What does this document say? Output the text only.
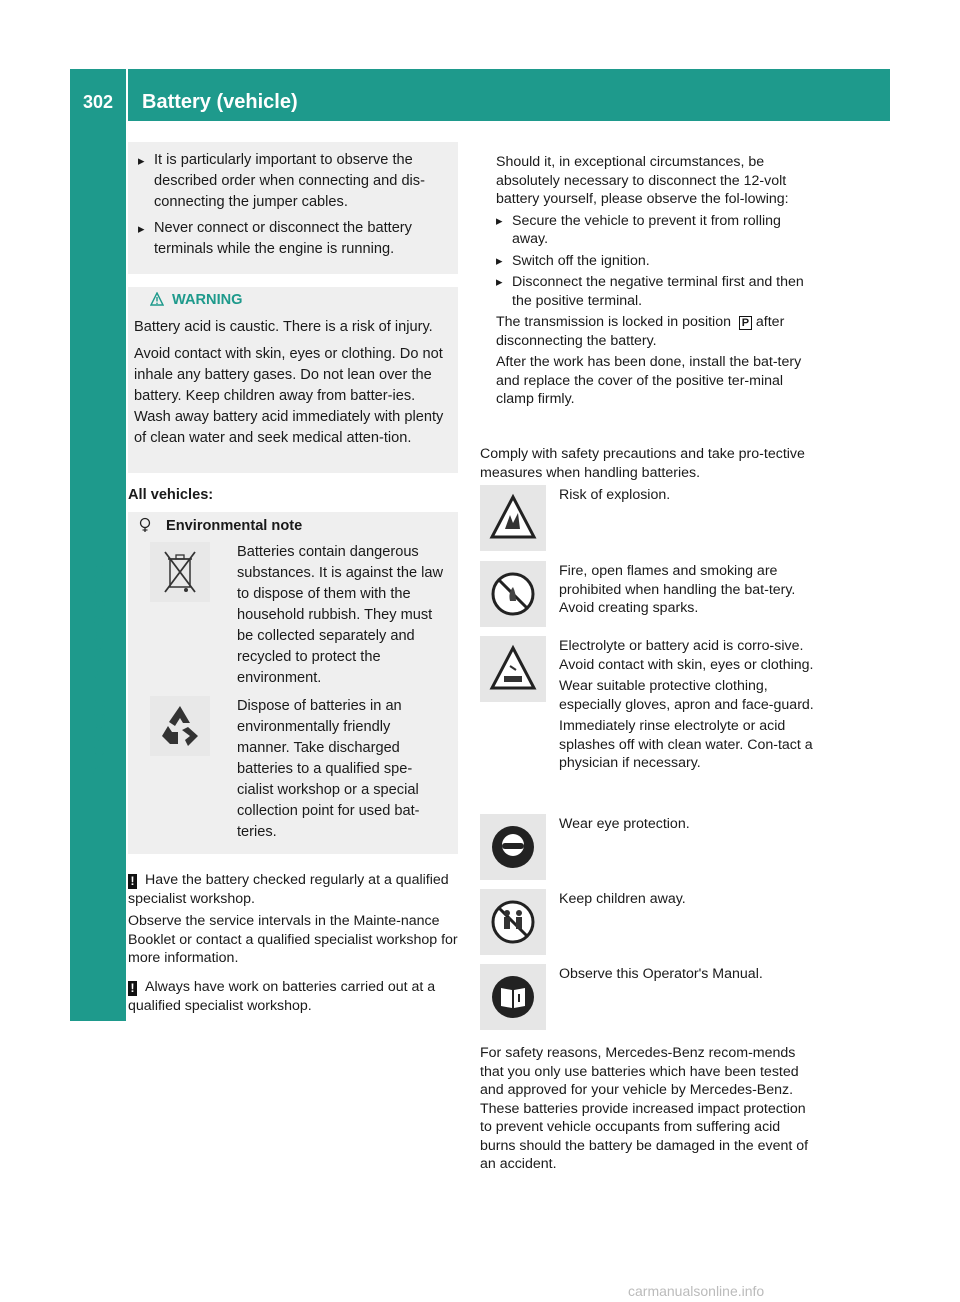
302	Battery (vehicle)
Breakdown assistance
▸ It is particularly important to observe the described order when connecting and dis-connecting the jumper cables.
▸ Never connect or disconnect the battery terminals while the engine is running.
WARNING

Battery acid is caustic. There is a risk of injury.

Avoid contact with skin, eyes or clothing. Do not inhale any battery gases. Do not lean over the battery. Keep children away from batter-ies. Wash away battery acid immediately with plenty of clean water and seek medical atten-tion.

All vehicles:
Environmental note
Batteries contain dangerous substances. It is against the law to dispose of them with the household rubbish. They must be collected separately and recycled to protect the environment.
Dispose of batteries in an environmentally friendly manner. Take discharged batteries to a qualified spe-cialist workshop or a special collection point for used bat-teries.

! Have the battery checked regularly at a qualified specialist workshop.

Observe the service intervals in the Mainte-nance Booklet or contact a qualified specialist workshop for more information.

! Always have work on batteries carried out at a qualified specialist workshop.

Should it, in exceptional circumstances, be absolutely necessary to disconnect the 12-volt battery yourself, please observe the fol-lowing:

▸ Secure the vehicle to prevent it from rolling away.
▸ Switch off the ignition.
▸ Disconnect the negative terminal first and then the positive terminal.

The transmission is locked in position P after disconnecting the battery.

After the work has been done, install the bat-tery and replace the cover of the positive ter-minal clamp firmly.

Comply with safety precautions and take pro-tective measures when handling batteries.
Risk of explosion.
Fire, open flames and smoking are prohibited when handling the bat-tery. Avoid creating sparks.

Electrolyte or battery acid is corro-sive. Avoid contact with skin, eyes or clothing.

Wear suitable protective clothing, especially gloves, apron and face-guard.

Immediately rinse electrolyte or acid splashes off with clean water. Con-tact a physician if necessary.

Wear eye protection.
Keep children away.
Observe this Operator's Manual.
For safety reasons, Mercedes-Benz recom-mends that you only use batteries which have been tested and approved for your vehicle by Mercedes-Benz. These batteries provide increased impact protection to prevent vehicle occupants from suffering acid burns should the battery be damaged in the event of an accident.
carmanualsonline.info
